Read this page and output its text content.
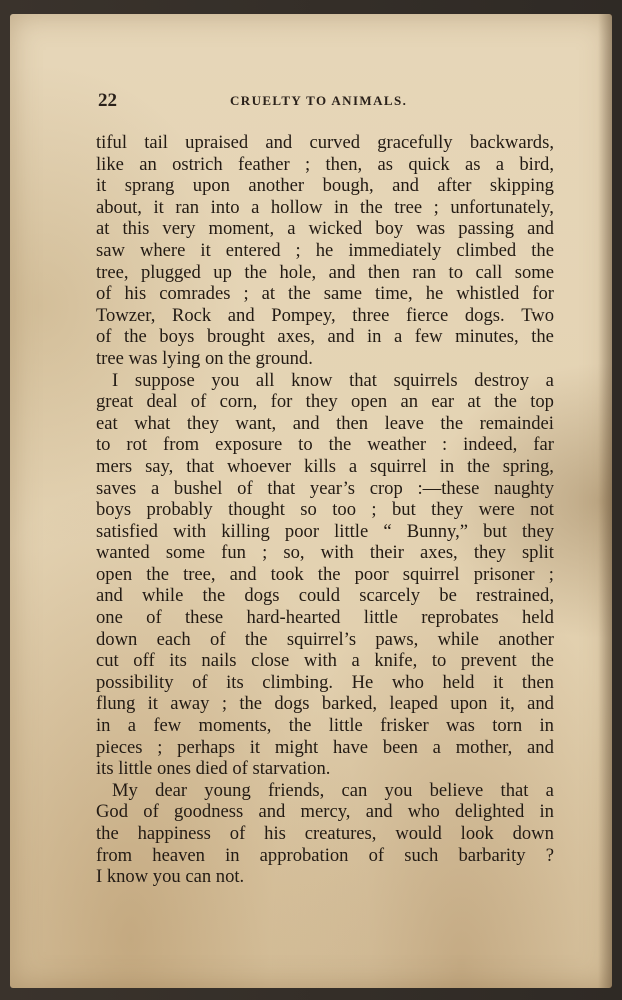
22	CRUELTY TO ANIMALS.
tiful tail upraised and curved gracefully backwards,
like an ostrich feather ; then, as quick as a bird,
it sprang upon another bough, and after skipping
about, it ran into a hollow in the tree ; unfortunately,
at this very moment, a wicked boy was passing and
saw where it entered ; he immediately climbed the
tree, plugged up the hole, and then ran to call some
of his comrades ; at the same time, he whistled for
Towzer, Rock and Pompey, three fierce dogs. Two
of the boys brought axes, and in a few minutes, the
tree was lying on the ground.
I suppose you all know that squirrels destroy a
great deal of corn, for they open an ear at the top
eat what they want, and then leave the remaindei
to rot from exposure to the weather : indeed, far
mers say, that whoever kills a squirrel in the spring,
saves a bushel of that year’s crop :—these naughty
boys probably thought so too ; but they were not
satisfied with killing poor little “ Bunny,” but they
wanted some fun ; so, with their axes, they split
open the tree, and took the poor squirrel prisoner ;
and while the dogs could scarcely be restrained,
one of these hard-hearted little reprobates held
down each of the squirrel’s paws, while another
cut off its nails close with a knife, to prevent the
possibility of its climbing. He who held it then
flung it away ; the dogs barked, leaped upon it, and
in a few moments, the little frisker was torn in
pieces ; perhaps it might have been a mother, and
its little ones died of starvation.
My dear young friends, can you believe that a
God of goodness and mercy, and who delighted in
the happiness of his creatures, would look down
from heaven in approbation of such barbarity ?
I know you can not.
